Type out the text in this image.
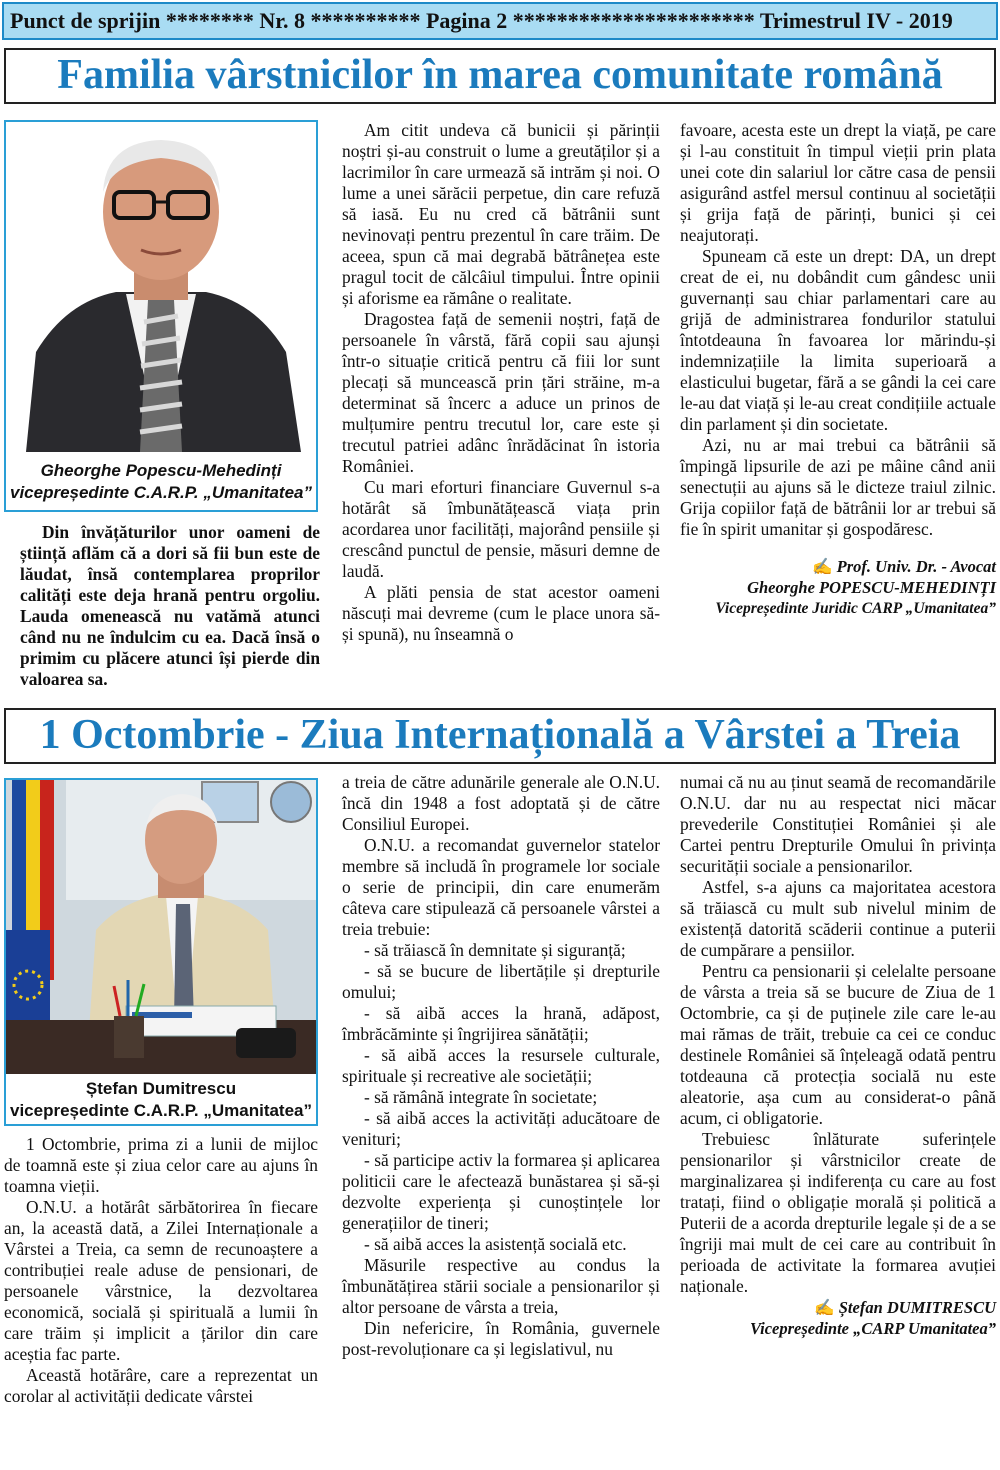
Punct de sprijin ******** Nr. 8 ********** Pagina 2 ********************** Trimestrul IV - 2019
Familia vârstnicilor în marea comunitate română
Gheorghe Popescu-Mehedinți
vicepreședinte C.A.R.P. „Umanitatea”

Din învățăturilor unor oameni de știință aflăm că a dori să fii bun este de lăudat, însă contemplarea proprilor calități este deja hrană pentru orgoliu. Lauda omenească nu vatămă atunci când nu ne îndulcim cu ea. Dacă însă o primim cu plăcere atunci își pierde din valoarea sa.

Am citit undeva că bunicii și părinții noștri și-au construit o lume a greutăților și a lacrimilor în care urmează să intrăm și noi. O lume a unei sărăcii perpetue, din care refuză să iasă. Eu nu cred că bătrânii sunt nevinovați pentru prezentul în care trăim. De aceea, spun că mai degrabă bătrânețea este pragul tocit de călcâiul timpului. Între opinii și aforisme ea rămâne o realitate.

Dragostea față de semenii noștri, față de persoanele în vârstă, fără copii sau ajunși într-o situație critică pentru că fiii lor sunt plecați să muncească prin țări străine, m-a determinat să încerc a aduce un prinos de mulțumire pentru trecutul lor, care este și trecutul patriei adânc înrădăcinat în istoria României.

Cu mari eforturi financiare Guvernul s-a hotărât să îmbunătățească viața prin acordarea unor facilități, majorând pensiile și crescând punctul de pensie, măsuri demne de laudă.

A plăti pensia de stat acestor oameni născuți mai devreme (cum le place unora să-și spună), nu înseamnă o

favoare, acesta este un drept la viață, pe care și l-au constituit în timpul vieții prin plata unei cote din salariul lor către casa de pensii asigurând astfel mersul continuu al societății și grija față de părinți, bunici și cei neajutorați.

Spuneam că este un drept: DA, un drept creat de ei, nu dobândit cum gândesc unii guvernanți sau chiar parlamentari care au grijă de administrarea fondurilor statului întotdeauna în favoarea lor mărindu-și indemnizațiile la limita superioară a elasticului bugetar, fără a se gândi la cei care le-au dat viață și le-au creat condițiile actuale din parlament și din societate.

Azi, nu ar mai trebui ca bătrânii să împingă lipsurile de azi pe mâine când anii senectuții au ajuns să le dicteze traiul zilnic. Grija copiilor față de bătrânii lor ar trebui să fie în spirit umanitar și gospodăresc.

✍ Prof. Univ. Dr. - Avocat

Gheorghe POPESCU-MEHEDINȚI

Vicepreședinte Juridic CARP „Umanitatea”

1 Octombrie - Ziua Internațională a Vârstei a Treia
Ștefan Dumitrescu
vicepreședinte C.A.R.P. „Umanitatea”

1 Octombrie, prima zi a lunii de mijloc de toamnă este și ziua celor care au ajuns în toamna vieții.

O.N.U. a hotărât sărbătorirea în fiecare an, la această dată, a Zilei Internaționale a Vârstei a Treia, ca semn de recunoaștere a contribuției reale aduse de pensionari, de persoanele vârstnice, la dezvoltarea economică, socială și spirituală a lumii în care trăim și implicit a țărilor din care aceștia fac parte.

Această hotărâre, care a reprezentat un corolar al activității dedicate vârstei

a treia de către adunările generale ale O.N.U. încă din 1948 a fost adoptată și de către Consiliul Europei.

O.N.U. a recomandat guvernelor statelor membre să includă în programele lor sociale o serie de principii, din care enumerăm câteva care stipulează că persoanele vârstei a treia trebuie:

- să trăiască în demnitate și siguranță;

- să se bucure de libertățile și drepturile omului;

- să aibă acces la hrană, adăpost, îmbrăcăminte și îngrijirea sănătății;

- să aibă acces la resursele culturale, spirituale și recreative ale societății;

- să rămână integrate în societate;

- să aibă acces la activități aducătoare de venituri;

- să participe activ la formarea și aplicarea politicii care le afectează bunăstarea și să-și dezvolte experiența și cunoștințele lor generațiilor de tineri;

- să aibă acces la asistență socială etc.

Măsurile respective au condus la îmbunătățirea stării sociale a pensionarilor și altor persoane de vârsta a treia,

Din nefericire, în România, guvernele post-revoluționare ca și legislativul, nu

numai că nu au ținut seamă de recomandările O.N.U. dar nu au respectat nici măcar prevederile Constituției României și ale Cartei pentru Drepturile Omului în privința securității sociale a pensionarilor.

Astfel, s-a ajuns ca majoritatea acestora să trăiască cu mult sub nivelul minim de existență datorită scăderii continue a puterii de cumpărare a pensiilor.

Pentru ca pensionarii și celelalte persoane de vârsta a treia să se bucure de Ziua de 1 Octombrie, ca și de puținele zile care le-au mai rămas de trăit, trebuie ca cei ce conduc destinele României să înțeleagă odată pentru totdeauna că protecția socială nu este aleatorie, așa cum au considerat-o până acum, ci obligatorie.

Trebuiesc înlăturate suferințele pensionarilor și vârstnicilor create de marginalizarea și indiferența cu care au fost tratați, fiind o obligație morală și politică a Puterii de a acorda drepturile legale și de a se îngriji mai mult de cei care au contribuit în perioada de activitate la formarea avuției naționale.

✍ Ștefan DUMITRESCU

Vicepreședinte „CARP Umanitatea”
